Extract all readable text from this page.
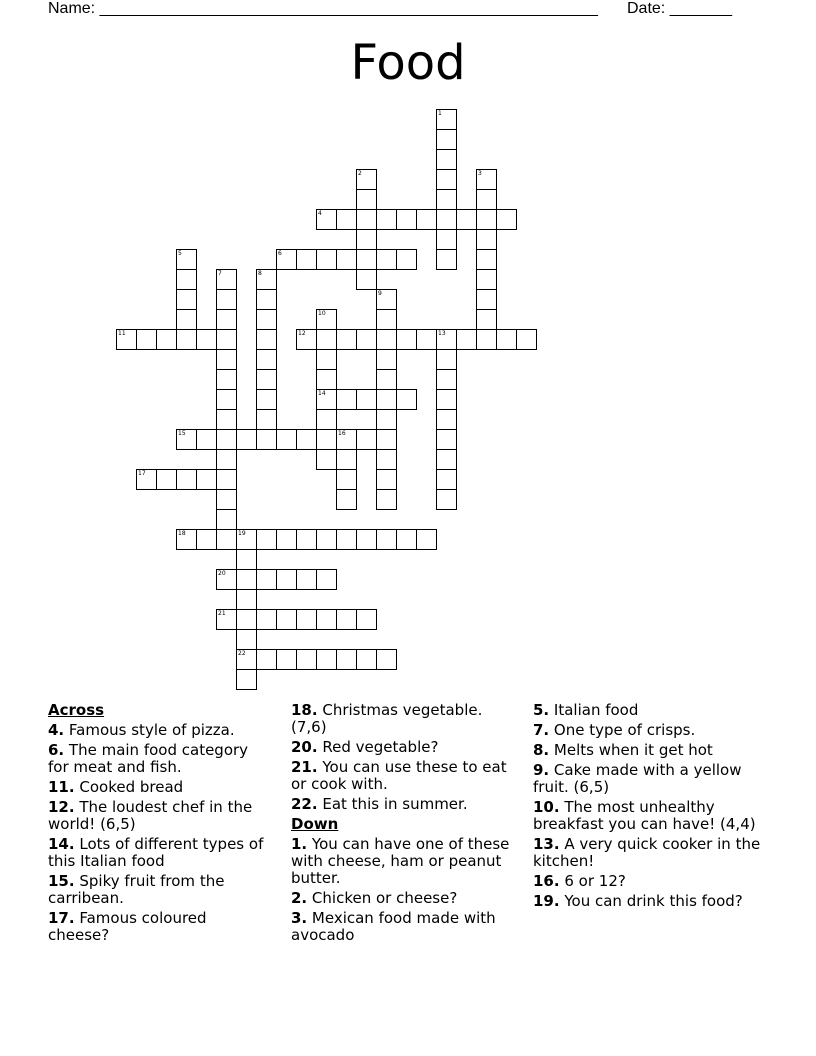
Name: ________________________________________________________ Date: _______
Food
1
2	3
4
5	6
7	8
9
10
14
11	12	13
15	16
17
18	19
22
20
21
Across
4. Famous style of pizza.
6. The main food category for meat and fish.
11. Cooked bread
12. The loudest chef in the world! (6,5)
14. Lots of different types of this Italian food
15. Spiky fruit from the carribean.
17. Famous coloured cheese?
18. Christmas vegetable.(7,6)
20. Red vegetable?
21. You can use these to eat or cook with.
22. Eat this in summer.
Down
1. You can have one of these with cheese, ham or peanut butter.
2. Chicken or cheese?
3. Mexican food made with avocado
5. Italian food
7. One type of crisps.
8. Melts when it get hot
9. Cake made with a yellow fruit. (6,5)
10. The most unhealthy breakfast you can have! (4,4)
13. A very quick cooker in the kitchen!
16. 6 or 12?
19. You can drink this food?
